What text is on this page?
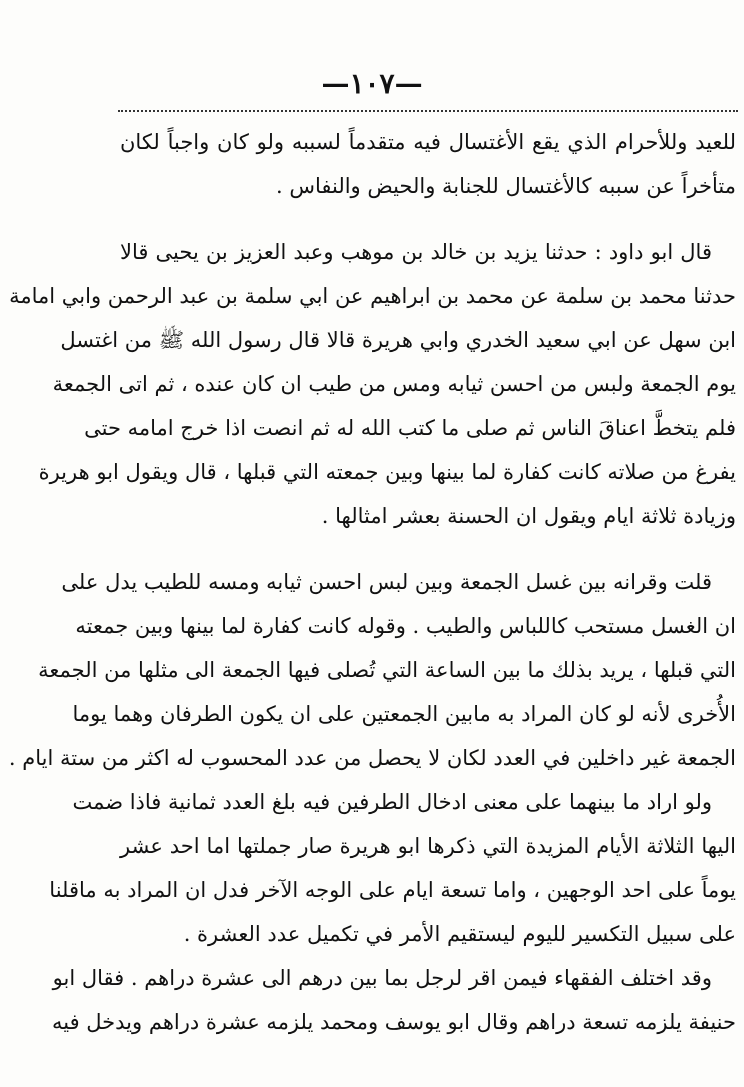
—١٠٧—
للعيد وللأحرام الذي يقع الأغتسال فيه متقدماً لسببه ولو كان واجباً لكان
متأخراً عن سببه كالأغتسال للجنابة والحيض والنفاس .
قال ابو داود : حدثنا يزيد بن خالد بن موهب وعبد العزيز بن يحيى قالا
حدثنا محمد بن سلمة عن محمد بن ابراهيم عن ابي سلمة بن عبد الرحمن وابي امامة
ابن سهل عن ابي سعيد الخدري وابي هريرة قالا قال رسول الله ﷺ من اغتسل
يوم الجمعة ولبس من احسن ثيابه ومس من طيب ان كان عنده ، ثم اتى الجمعة
فلم يتخطَّ اعناقَ الناس ثم صلى ما كتب الله له ثم انصت اذا خرج امامه حتى
يفرغ من صلاته كانت كفارة لما بينها وبين جمعته التي قبلها ، قال ويقول ابو هريرة
وزيادة ثلاثة ايام ويقول ان الحسنة بعشر امثالها .
قلت وقرانه بين غسل الجمعة وبين لبس احسن ثيابه ومسه للطيب يدل على
ان الغسل مستحب كاللباس والطيب . وقوله كانت كفارة لما بينها وبين جمعته
التي قبلها ، يريد بذلك ما بين الساعة التي تُصلى فيها الجمعة الى مثلها من الجمعة
الأُخرى لأنه لو كان المراد به مابين الجمعتين على ان يكون الطرفان وهما يوما
الجمعة غير داخلين في العدد لكان لا يحصل من عدد المحسوب له اكثر من ستة ايام .
ولو اراد ما بينهما على معنى ادخال الطرفين فيه بلغ العدد ثمانية فاذا ضمت
اليها الثلاثة الأيام المزيدة التي ذكرها ابو هريرة صار جملتها اما احد عشر
يوماً على احد الوجهين ، واما تسعة ايام على الوجه الآخر فدل ان المراد به ماقلنا
على سبيل التكسير لليوم ليستقيم الأمر في تكميل عدد العشرة .
وقد اختلف الفقهاء فيمن اقر لرجل بما بين درهم الى عشرة دراهم . فقال ابو
حنيفة يلزمه تسعة دراهم وقال ابو يوسف ومحمد يلزمه عشرة دراهم ويدخل فيه
